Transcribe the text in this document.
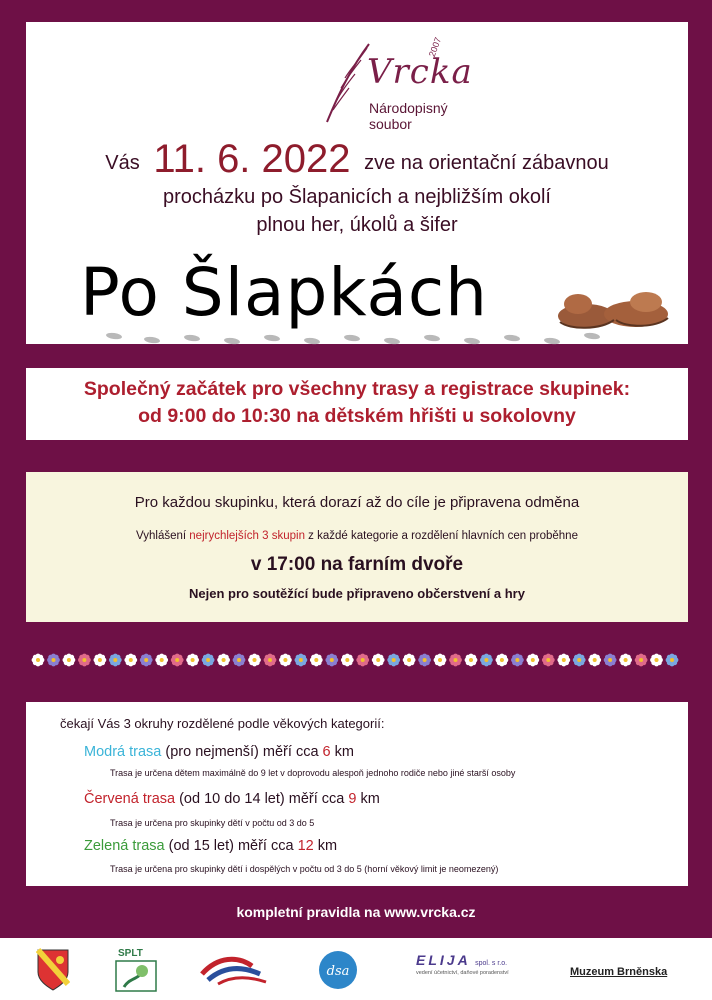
Vrcka
2007
Národopisný soubor
Vás 11. 6. 2022 zve na orientační zábavnou
procházku po Šlapanicích a nejbližším okolí
plnou her, úkolů a šifer
Po Šlapkách
Společný začátek pro všechny trasy a registrace skupinek:
od 9:00 do 10:30 na dětském hřišti u sokolovny
Pro každou skupinku, která dorazí až do cíle je připravena odměna
Vyhlášení nejrychlejších 3 skupin z každé kategorie a rozdělení hlavních cen proběhne
v 17:00 na farním dvoře
Nejen pro soutěžící bude připraveno občerstvení a hry
čekají Vás 3 okruhy rozdělené podle věkových kategorií:
Modrá trasa (pro nejmenší) měří cca 6 km
Trasa je určena dětem maximálně do 9 let v doprovodu alespoň jednoho rodiče nebo jiné starší osoby
Červená trasa (od 10 do 14 let) měří cca 9 km
Trasa je určena pro skupinky dětí v počtu od 3 do 5
Zelená trasa (od 15 let) měří cca 12 km
Trasa je určena pro skupinky dětí i dospělých v počtu od 3 do 5 (horní věkový limit je neomezený)
kompletní pravidla na www.vrcka.cz
SPLT
dsa
ELIJA spol. s r.o.
vedení účetnictví, daňové poradenství	Muzeum Brněnska
